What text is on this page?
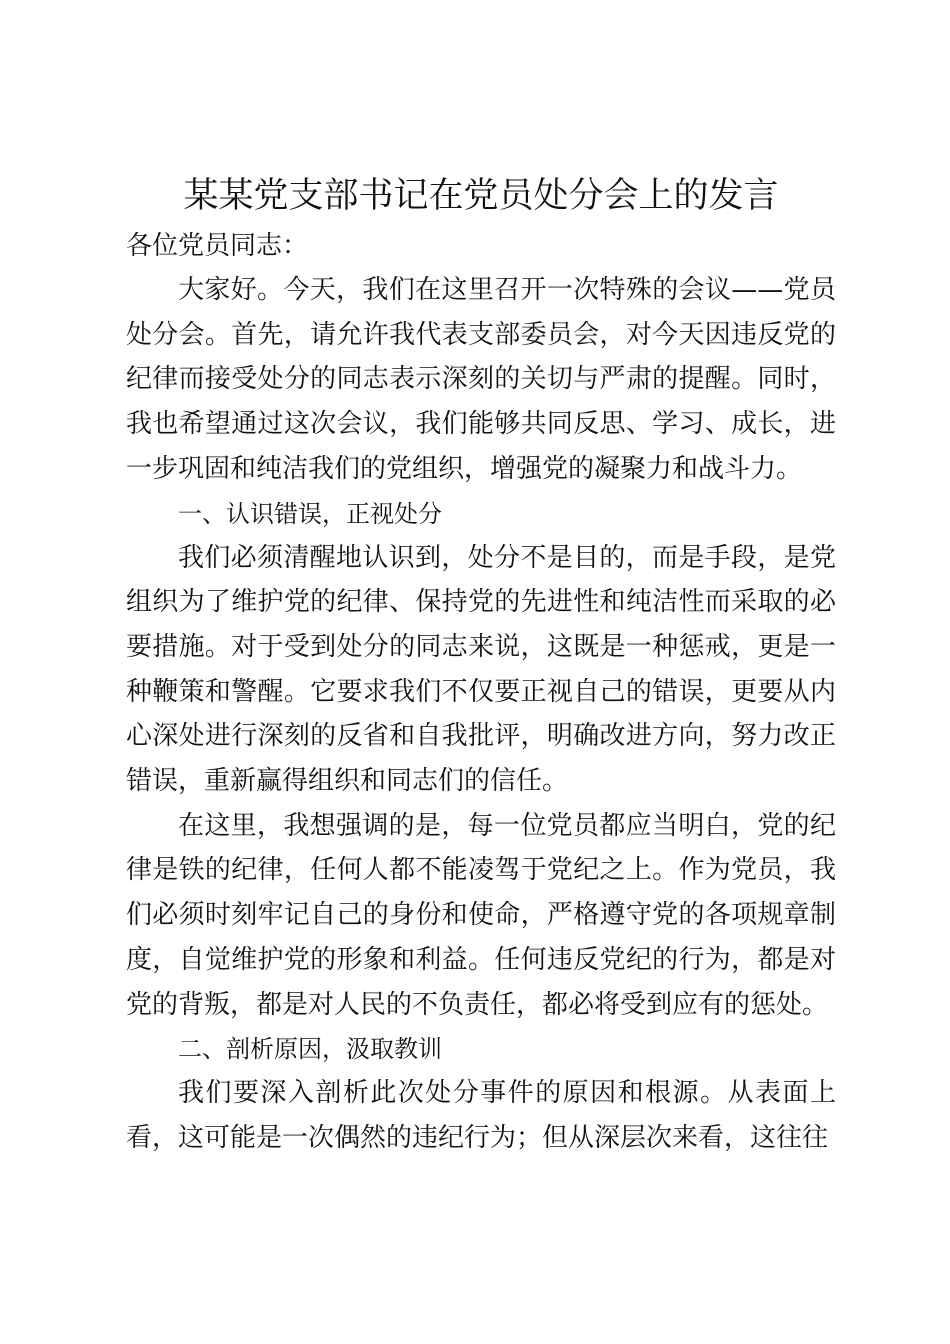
某某党支部书记在党员处分会上的发言
各位党员同志：

大家好。今天，我们在这里召开一次特殊的会议——党员处分会。首先，请允许我代表支部委员会，对今天因违反党的纪律而接受处分的同志表示深刻的关切与严肃的提醒。同时，我也希望通过这次会议，我们能够共同反思、学习、成长，进一步巩固和纯洁我们的党组织，增强党的凝聚力和战斗力。

一、认识错误，正视处分

我们必须清醒地认识到，处分不是目的，而是手段，是党组织为了维护党的纪律、保持党的先进性和纯洁性而采取的必要措施。对于受到处分的同志来说，这既是一种惩戒，更是一种鞭策和警醒。它要求我们不仅要正视自己的错误，更要从内心深处进行深刻的反省和自我批评，明确改进方向，努力改正错误，重新赢得组织和同志们的信任。

在这里，我想强调的是，每一位党员都应当明白，党的纪律是铁的纪律，任何人都不能凌驾于党纪之上。作为党员，我们必须时刻牢记自己的身份和使命，严格遵守党的各项规章制度，自觉维护党的形象和利益。任何违反党纪的行为，都是对党的背叛，都是对人民的不负责任，都必将受到应有的惩处。

二、剖析原因，汲取教训

我们要深入剖析此次处分事件的原因和根源。从表面上看，这可能是一次偶然的违纪行为；但从深层次来看，这往往
